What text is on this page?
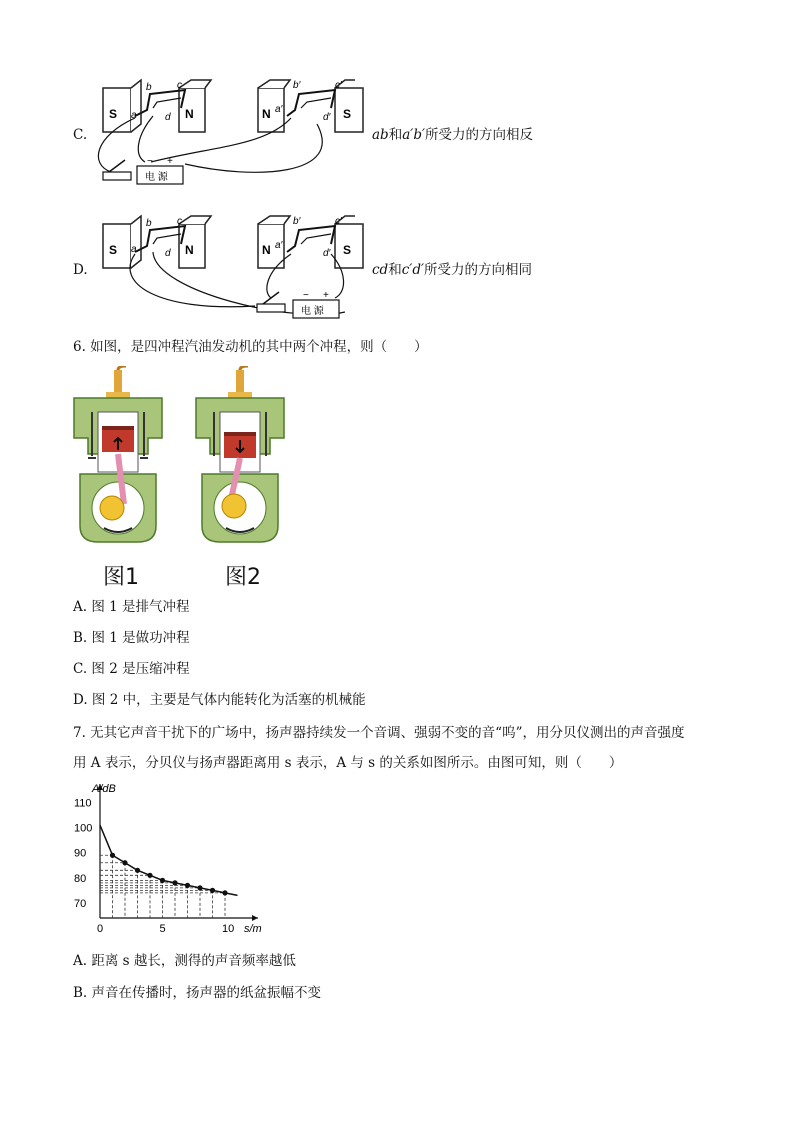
C.
S	N
a
b	c
d	N	S
a′
b′	c′
d′
电 源
− +
ab和a′b′所受力的方向相反
D.
S	N
a
b	c
d	N	S
a′
b′	c′
d′
电 源
− +
cd和c′d′所受力的方向相同
6. 如图，是四冲程汽油发动机的其中两个冲程，则（　　）
图1	图2
A. 图 1 是排气冲程
B. 图 1 是做功冲程
C. 图 2 是压缩冲程
D. 图 2 中，主要是气体内能转化为活塞的机械能
7. 无其它声音干扰下的广场中，扬声器持续发一个音调、强弱不变的音“呜”，用分贝仪测出的声音强度
用 A 表示，分贝仪与扬声器距离用 s 表示，A 与 s 的关系如图所示。由图可知，则（　　）
0	5	10
70
80
90
100
110
s/m
A/dB
A. 距离 s 越长，测得的声音频率越低
B. 声音在传播时，扬声器的纸盆振幅不变
